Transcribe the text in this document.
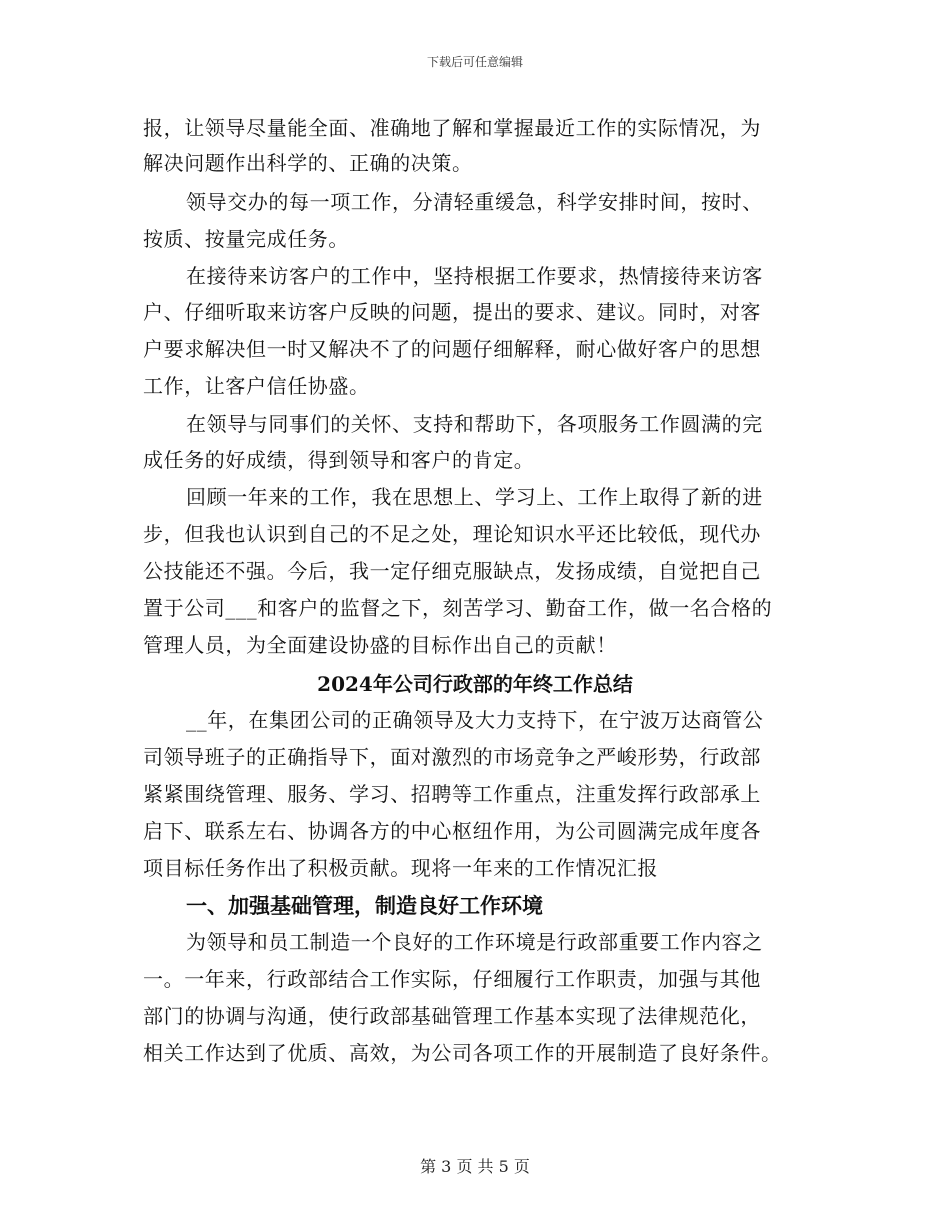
下载后可任意编辑
报，让领导尽量能全面、准确地了解和掌握最近工作的实际情况，为
解决问题作出科学的、正确的决策。
领导交办的每一项工作，分清轻重缓急，科学安排时间，按时、
按质、按量完成任务。
在接待来访客户的工作中，坚持根据工作要求，热情接待来访客
户、仔细听取来访客户反映的问题，提出的要求、建议。同时，对客
户要求解决但一时又解决不了的问题仔细解释，耐心做好客户的思想
工作，让客户信任协盛。
在领导与同事们的关怀、支持和帮助下，各项服务工作圆满的完
成任务的好成绩，得到领导和客户的肯定。
回顾一年来的工作，我在思想上、学习上、工作上取得了新的进
步，但我也认识到自己的不足之处，理论知识水平还比较低，现代办
公技能还不强。今后，我一定仔细克服缺点，发扬成绩，自觉把自己
置于公司___和客户的监督之下，刻苦学习、勤奋工作，做一名合格的
管理人员，为全面建设协盛的目标作出自己的贡献！
2024年公司行政部的年终工作总结
__年，在集团公司的正确领导及大力支持下，在宁波万达商管公
司领导班子的正确指导下，面对激烈的市场竞争之严峻形势，行政部
紧紧围绕管理、服务、学习、招聘等工作重点，注重发挥行政部承上
启下、联系左右、协调各方的中心枢纽作用，为公司圆满完成年度各
项目标任务作出了积极贡献。现将一年来的工作情况汇报
一、加强基础管理，制造良好工作环境
为领导和员工制造一个良好的工作环境是行政部重要工作内容之
一。一年来，行政部结合工作实际，仔细履行工作职责，加强与其他
部门的协调与沟通，使行政部基础管理工作基本实现了法律规范化，
相关工作达到了优质、高效，为公司各项工作的开展制造了良好条件。
第 3 页 共 5 页
